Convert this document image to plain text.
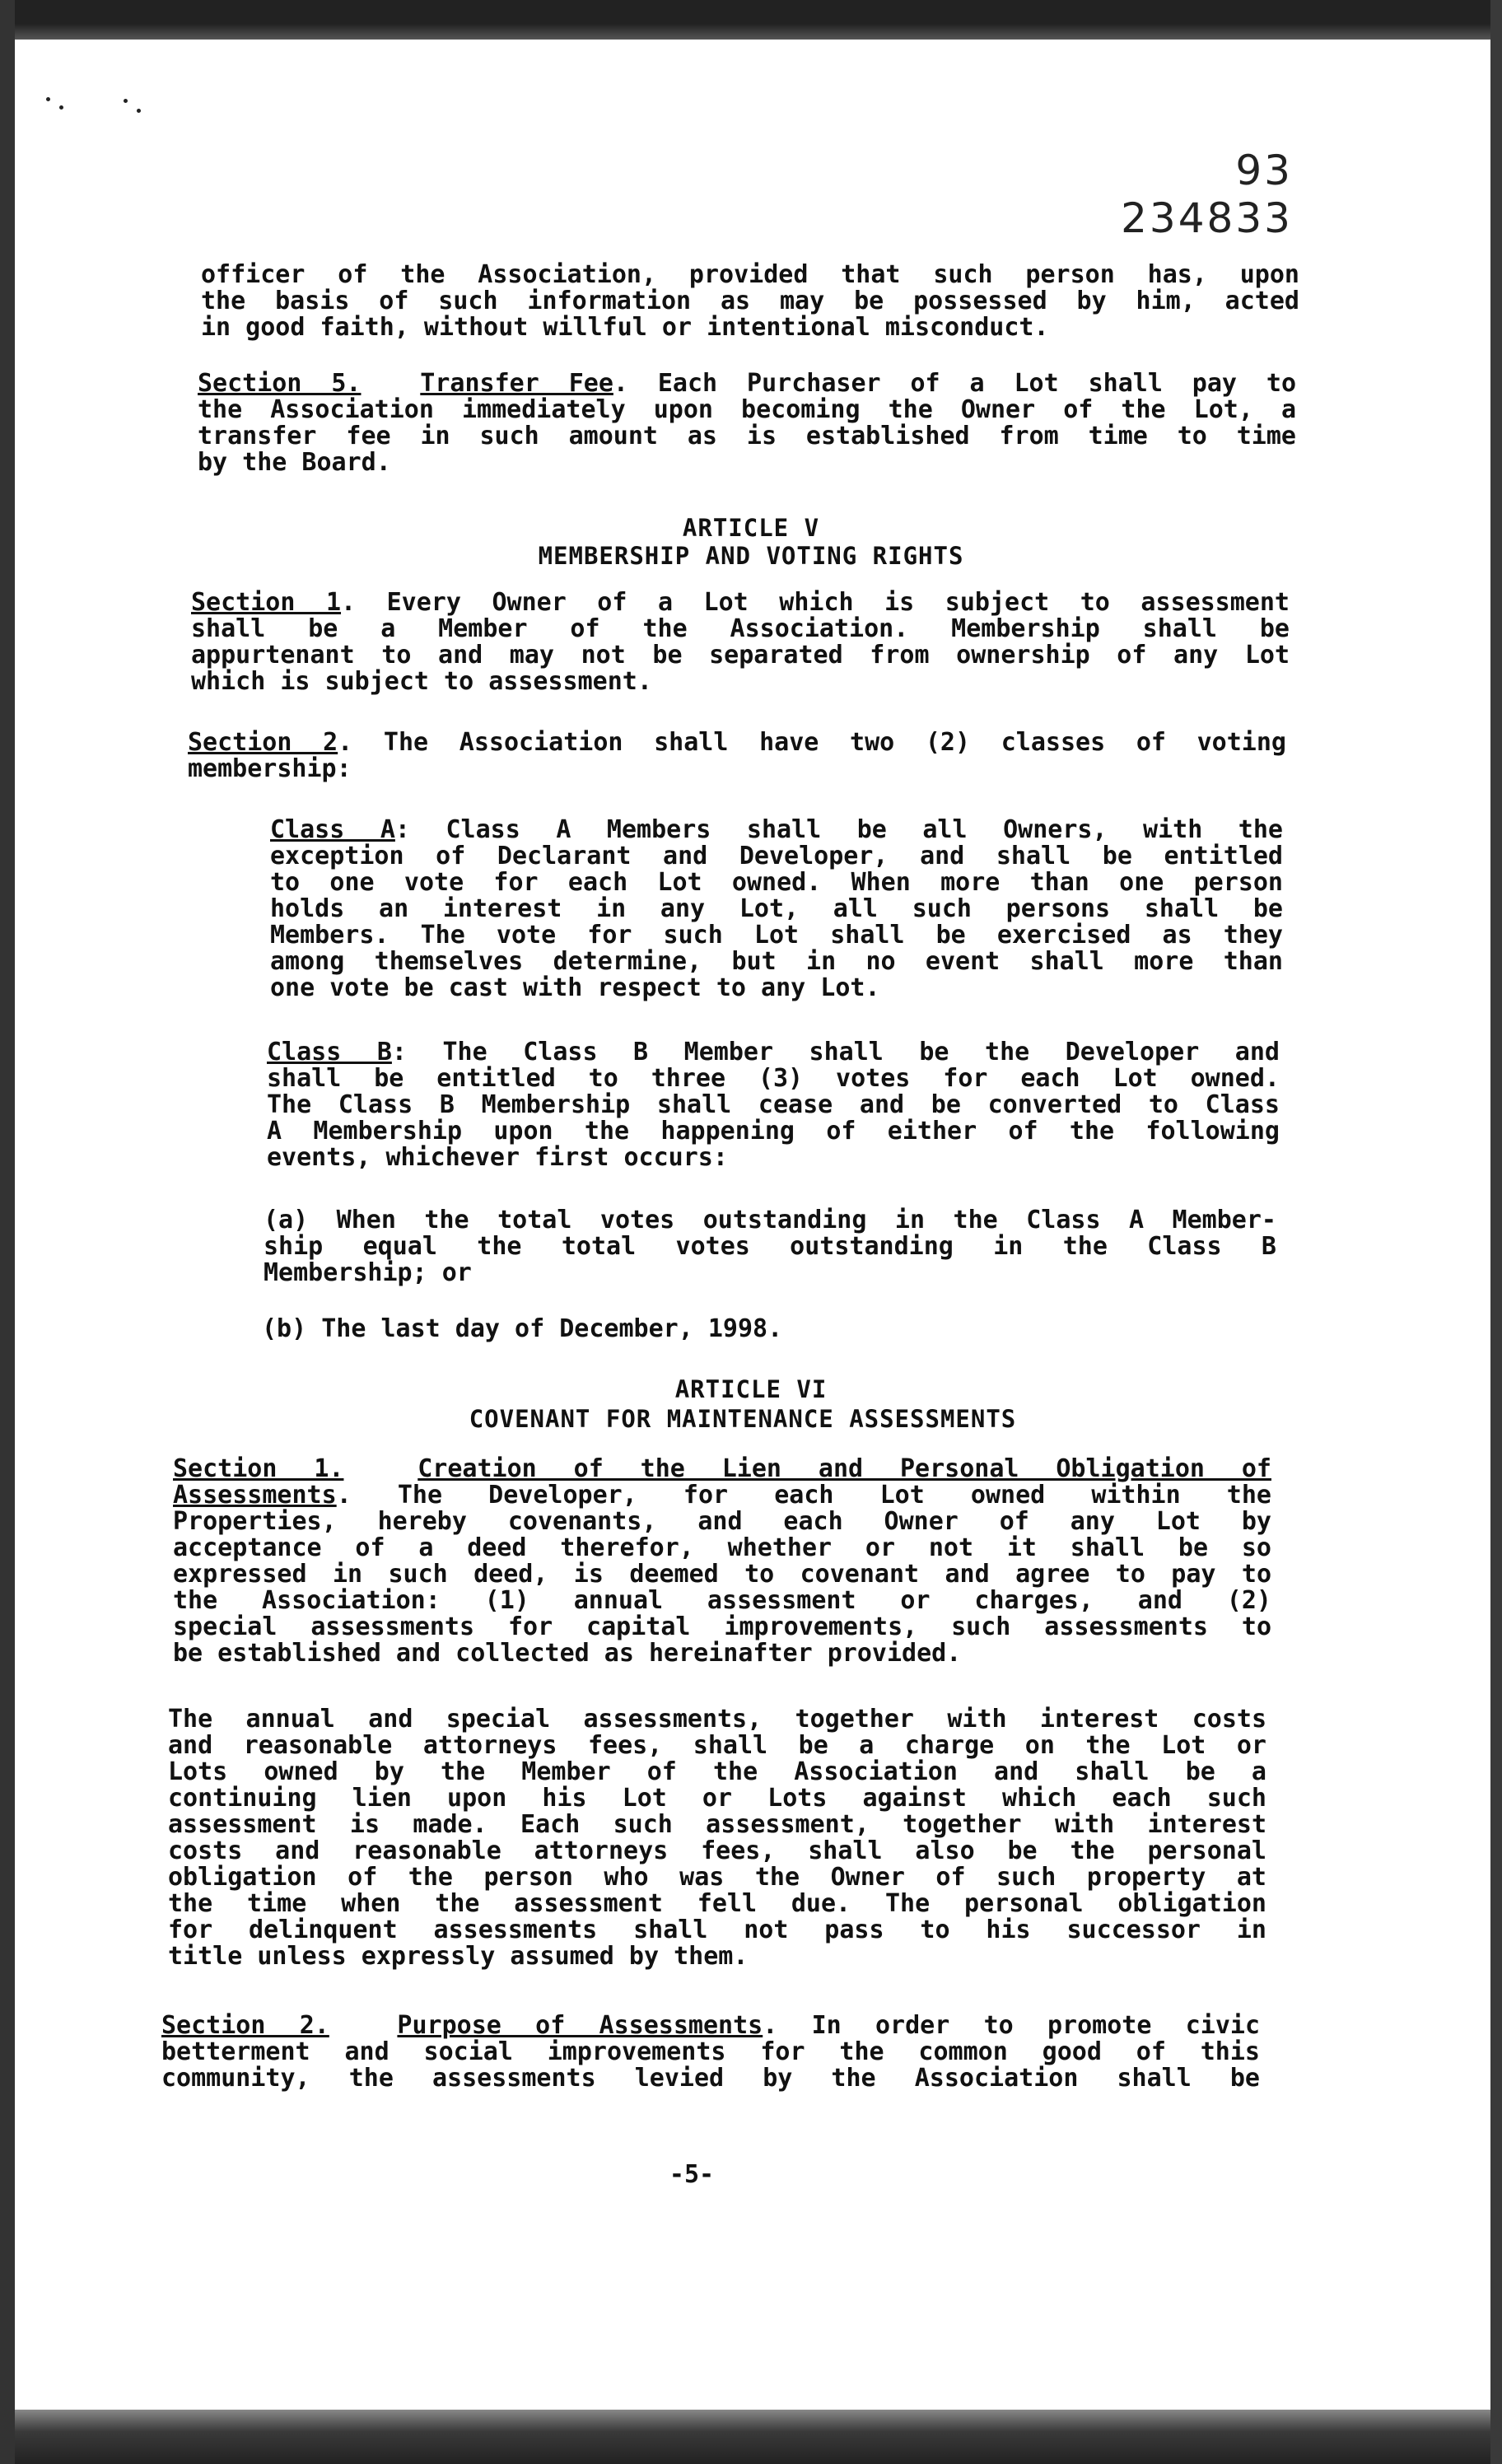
93 234833
officer of the Association, provided that such person has, upon
the basis of such information as may be possessed by him, acted
in good faith, without willful or intentional misconduct.
Section 5. Transfer Fee. Each Purchaser of a Lot shall pay to
the Association immediately upon becoming the Owner of the Lot, a
transfer fee in such amount as is established from time to time
by the Board.
ARTICLE V
MEMBERSHIP AND VOTING RIGHTS
Section 1. Every Owner of a Lot which is subject to assessment
shall be a Member of the Association. Membership shall be
appurtenant to and may not be separated from ownership of any Lot
which is subject to assessment.
Section 2. The Association shall have two (2) classes of voting
membership:
Class A: Class A Members shall be all Owners, with the
exception of Declarant and Developer, and shall be entitled
to one vote for each Lot owned. When more than one person
holds an interest in any Lot, all such persons shall be
Members. The vote for such Lot shall be exercised as they
among themselves determine, but in no event shall more than
one vote be cast with respect to any Lot.
Class B: The Class B Member shall be the Developer and
shall be entitled to three (3) votes for each Lot owned.
The Class B Membership shall cease and be converted to Class
A Membership upon the happening of either of the following
events, whichever first occurs:
(a) When the total votes outstanding in the Class A Member-
ship equal the total votes outstanding in the Class B
Membership; or
(b) The last day of December, 1998.
ARTICLE VI
COVENANT FOR MAINTENANCE ASSESSMENTS
Section 1.	Creation of the Lien and Personal Obligation of
Assessments. The Developer, for each Lot owned within the
Properties, hereby covenants, and each Owner of any Lot by
acceptance of a deed therefor, whether or not it shall be so
expressed in such deed, is deemed to covenant and agree to pay to
the Association: (1) annual assessment or charges, and (2)
special assessments for capital improvements, such assessments to
be established and collected as hereinafter provided.
The annual and special assessments, together with interest costs
and reasonable attorneys fees, shall be a charge on the Lot or
Lots owned by the Member of the Association and shall be a
continuing lien upon his Lot or Lots against which each such
assessment is made. Each such assessment, together with interest
costs and reasonable attorneys fees, shall also be the personal
obligation of the person who was the Owner of such property at
the time when the assessment fell due. The personal obligation
for delinquent assessments shall not pass to his successor in
title unless expressly assumed by them.
Section 2.	Purpose of Assessments. In order to promote civic
betterment and social improvements for the common good of this
community, the assessments levied by the Association shall be
-5-
